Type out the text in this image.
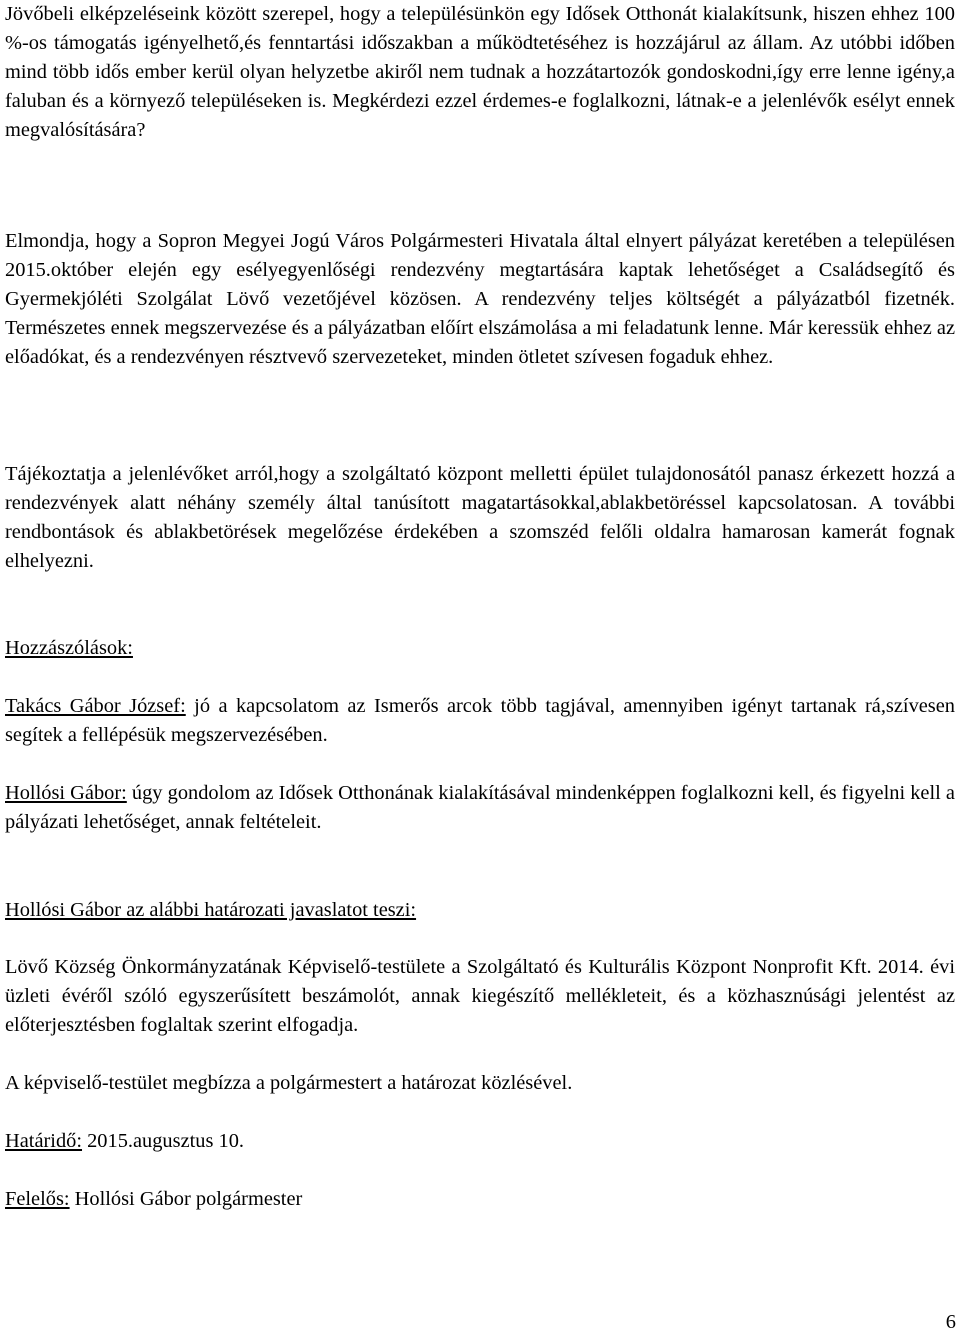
Jövőbeli elképzeléseink között szerepel, hogy a településünkön egy Idősek Otthonát kialakítsunk, hiszen ehhez 100 %-os támogatás igényelhető,és fenntartási időszakban a működtetéséhez is hozzájárul az állam. Az utóbbi időben mind több idős ember kerül olyan helyzetbe akiről nem tudnak a hozzátartozók gondoskodni,így erre lenne igény,a faluban és a környező településeken is. Megkérdezi ezzel érdemes-e foglalkozni, látnak-e a jelenlévők esélyt ennek megvalósítására?

Elmondja, hogy a Sopron Megyei Jogú Város Polgármesteri Hivatala által elnyert pályázat keretében a településen 2015.október elején egy esélyegyenlőségi rendezvény megtartására kaptak lehetőséget a Családsegítő és Gyermekjóléti Szolgálat Lövő vezetőjével közösen. A rendezvény teljes költségét a pályázatból fizetnék. Természetes ennek megszervezése és a pályázatban előírt elszámolása a mi feladatunk lenne. Már keressük ehhez az előadókat, és a rendezvényen résztvevő szervezeteket, minden ötletet szívesen fogaduk ehhez.

Tájékoztatja a jelenlévőket arról,hogy a szolgáltató központ melletti épület tulajdonosától panasz érkezett hozzá a rendezvények alatt néhány személy által tanúsított magatartásokkal,ablakbetöréssel kapcsolatosan. A további rendbontások és ablakbetörések megelőzése érdekében a szomszéd felőli oldalra hamarosan kamerát fognak elhelyezni.

Hozzászólások:

Takács Gábor József: jó a kapcsolatom az Ismerős arcok több tagjával, amennyiben igényt tartanak rá,szívesen segítek a fellépésük megszervezésében.

Hollósi Gábor: úgy gondolom az Idősek Otthonának kialakításával mindenképpen foglalkozni kell, és figyelni kell a pályázati lehetőséget, annak feltételeit.

Hollósi Gábor az alábbi határozati javaslatot teszi:

Lövő Község Önkormányzatának Képviselő-testülete a Szolgáltató és Kulturális Központ Nonprofit Kft. 2014. évi üzleti évéről szóló egyszerűsített beszámolót, annak kiegészítő mellékleteit, és a közhasznúsági jelentést az előterjesztésben foglaltak szerint elfogadja.

A képviselő-testület megbízza a polgármestert a határozat közlésével.

Határidő: 2015.augusztus 10.

Felelős: Hollósi Gábor polgármester

6
